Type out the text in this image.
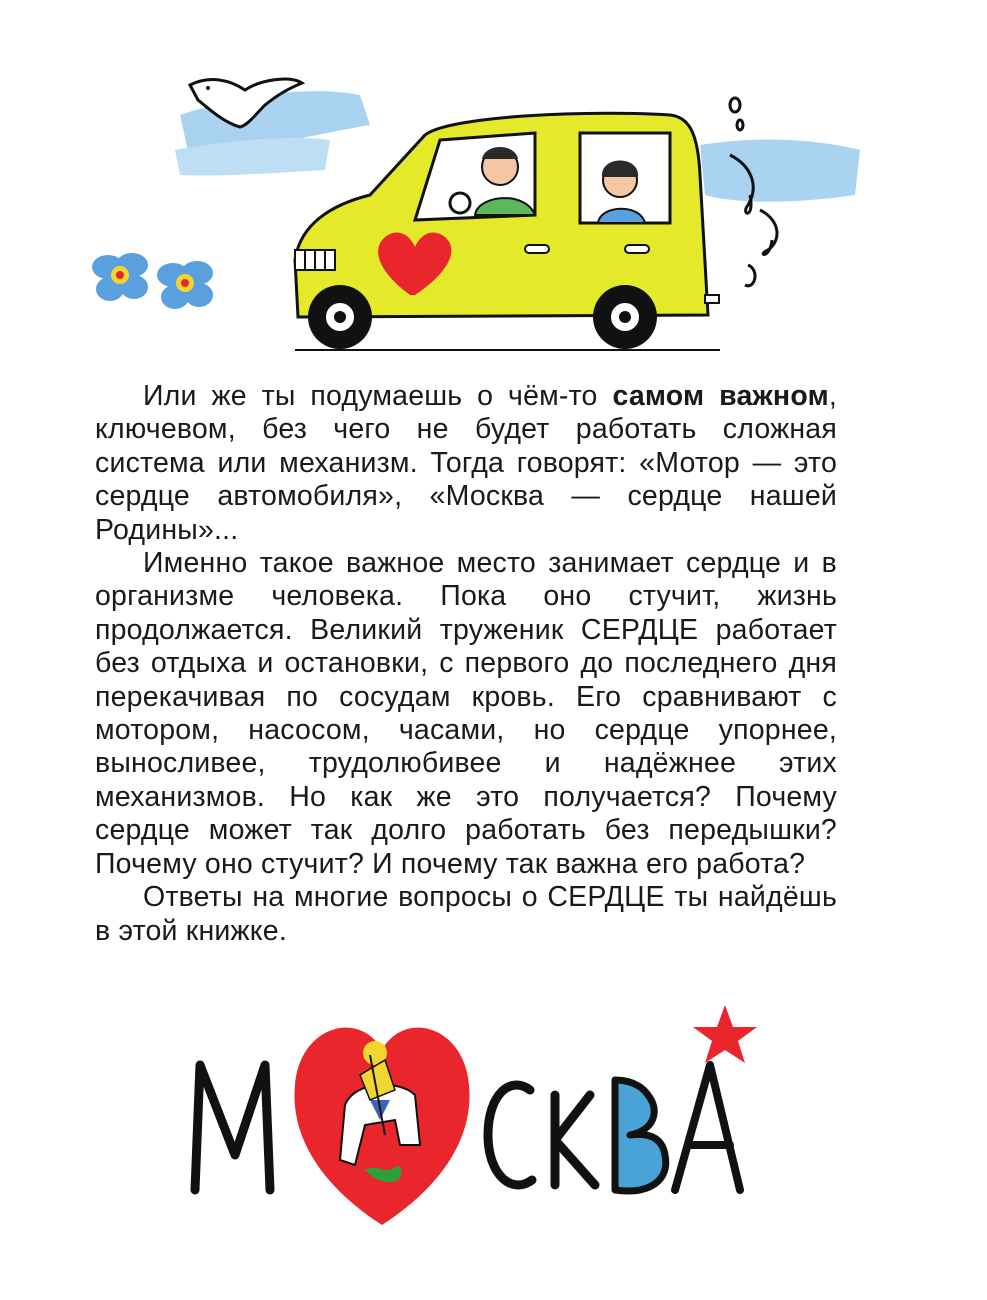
Или же ты подумаешь о чём-то самом важном, ключевом, без чего не будет работать сложная система или механизм. Тогда говорят: «Мотор — это сердце автомобиля», «Москва — сердце нашей Родины»...

Именно такое важное место занимает сердце и в организме человека. Пока оно стучит, жизнь продолжается. Великий труженик СЕРДЦЕ работает без отдыха и остановки, с первого до последнего дня перекачивая по сосудам кровь. Его сравнивают с мотором, насосом, часами, но сердце упорнее, выносливее, трудолюбивее и надёжнее этих механизмов. Но как же это получается? Почему сердце может так долго работать без передышки? Почему оно стучит? И почему так важна его работа?

Ответы на многие вопросы о СЕРДЦЕ ты найдёшь в этой книжке.
